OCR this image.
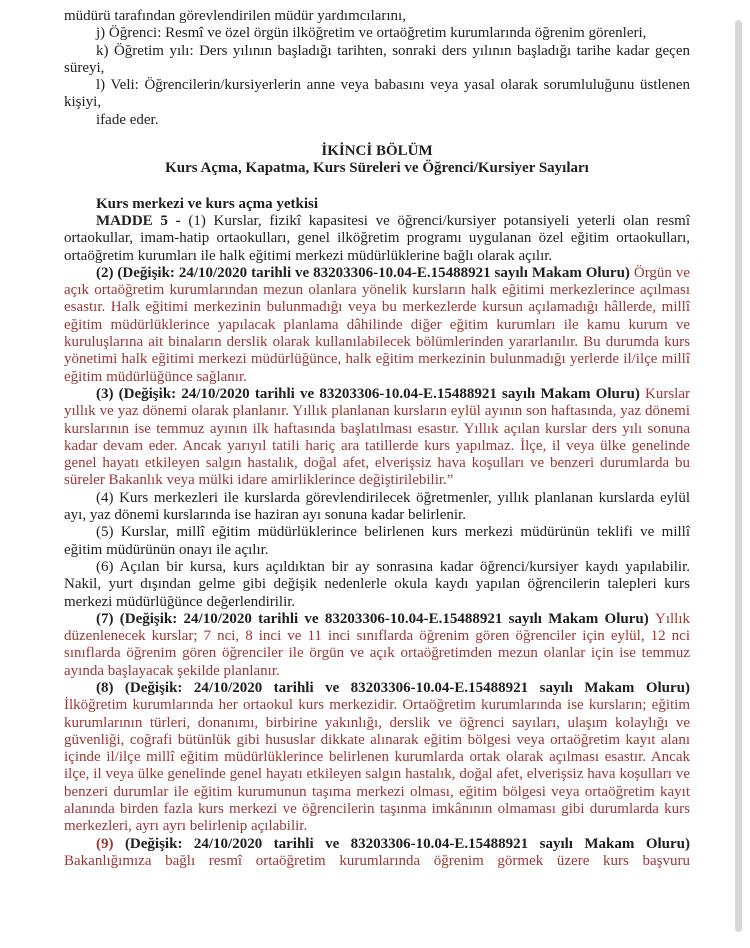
müdürü tarafından görevlendirilen müdür yardımcılarını,

j) Öğrenci: Resmî ve özel örgün ilköğretim ve ortaöğretim kurumlarında öğrenim görenleri,

k) Öğretim yılı: Ders yılının başladığı tarihten, sonraki ders yılının başladığı tarihe kadar geçen süreyi,

l) Veli: Öğrencilerin/kursiyerlerin anne veya babasını veya yasal olarak sorumluluğunu üstlenen kişiyi,

ifade eder.

İKİNCİ BÖLÜM
Kurs Açma, Kapatma, Kurs Süreleri ve Öğrenci/Kursiyer Sayıları

Kurs merkezi ve kurs açma yetkisi

MADDE 5 - (1) Kurslar, fizikî kapasitesi ve öğrenci/kursiyer potansiyeli yeterli olan resmî ortaokullar, imam-hatip ortaokulları, genel ilköğretim programı uygulanan özel eğitim ortaokulları, ortaöğretim kurumları ile halk eğitimi merkezi müdürlüklerine bağlı olarak açılır.

(2) (Değişik: 24/10/2020 tarihli ve 83203306-10.04-E.15488921 sayılı Makam Oluru) Örgün ve açık ortaöğretim kurumlarından mezun olanlara yönelik kursların halk eğitimi merkezlerince açılması esastır. Halk eğitimi merkezinin bulunmadığı veya bu merkezlerde kursun açılamadığı hâllerde, millî eğitim müdürlüklerince yapılacak planlama dâhilinde diğer eğitim kurumları ile kamu kurum ve kuruluşlarına ait binaların derslik olarak kullanılabilecek bölümlerinden yararlanılır. Bu durumda kurs yönetimi halk eğitimi merkezi müdürlüğünce, halk eğitim merkezinin bulunmadığı yerlerde il/ilçe millî eğitim müdürlüğünce sağlanır.

(3) (Değişik: 24/10/2020 tarihli ve 83203306-10.04-E.15488921 sayılı Makam Oluru) Kurslar yıllık ve yaz dönemi olarak planlanır. Yıllık planlanan kursların eylül ayının son haftasında, yaz dönemi kurslarının ise temmuz ayının ilk haftasında başlatılması esastır. Yıllık açılan kurslar ders yılı sonuna kadar devam eder. Ancak yarıyıl tatili hariç ara tatillerde kurs yapılmaz. İlçe, il veya ülke genelinde genel hayatı etkileyen salgın hastalık, doğal afet, elverişsiz hava koşulları ve benzeri durumlarda bu süreler Bakanlık veya mülki idare amirliklerince değiştirilebilir.”

(4) Kurs merkezleri ile kurslarda görevlendirilecek öğretmenler, yıllık planlanan kurslarda eylül ayı, yaz dönemi kurslarında ise haziran ayı sonuna kadar belirlenir.

(5) Kurslar, millî eğitim müdürlüklerince belirlenen kurs merkezi müdürünün teklifi ve millî eğitim müdürünün onayı ile açılır.

(6) Açılan bir kursa, kurs açıldıktan bir ay sonrasına kadar öğrenci/kursiyer kaydı yapılabilir. Nakil, yurt dışından gelme gibi değişik nedenlerle okula kaydı yapılan öğrencilerin talepleri kurs merkezi müdürlüğünce değerlendirilir.

(7) (Değişik: 24/10/2020 tarihli ve 83203306-10.04-E.15488921 sayılı Makam Oluru) Yıllık düzenlenecek kurslar; 7 nci, 8 inci ve 11 inci sınıflarda öğrenim gören öğrenciler için eylül, 12 nci sınıflarda öğrenim gören öğrenciler ile örgün ve açık ortaöğretimden mezun olanlar için ise temmuz ayında başlayacak şekilde planlanır.

(8) (Değişik: 24/10/2020 tarihli ve 83203306-10.04-E.15488921 sayılı Makam Oluru) İlköğretim kurumlarında her ortaokul kurs merkezidir. Ortaöğretim kurumlarında ise kursların; eğitim kurumlarının türleri, donanımı, birbirine yakınlığı, derslik ve öğrenci sayıları, ulaşım kolaylığı ve güvenliği, coğrafi bütünlük gibi hususlar dikkate alınarak eğitim bölgesi veya ortaöğretim kayıt alanı içinde il/ilçe millî eğitim müdürlüklerince belirlenen kurumlarda ortak olarak açılması esastır. Ancak ilçe, il veya ülke genelinde genel hayatı etkileyen salgın hastalık, doğal afet, elverişsiz hava koşulları ve benzeri durumlar ile eğitim kurumunun taşıma merkezi olması, eğitim bölgesi veya ortaöğretim kayıt alanında birden fazla kurs merkezi ve öğrencilerin taşınma imkânının olmaması gibi durumlarda kurs merkezleri, ayrı ayrı belirlenip açılabilir.

(9) (Değişik: 24/10/2020 tarihli ve 83203306-10.04-E.15488921 sayılı Makam Oluru) Bakanlığımıza bağlı resmî ortaöğretim kurumlarında öğrenim görmek üzere kurs başvuru
